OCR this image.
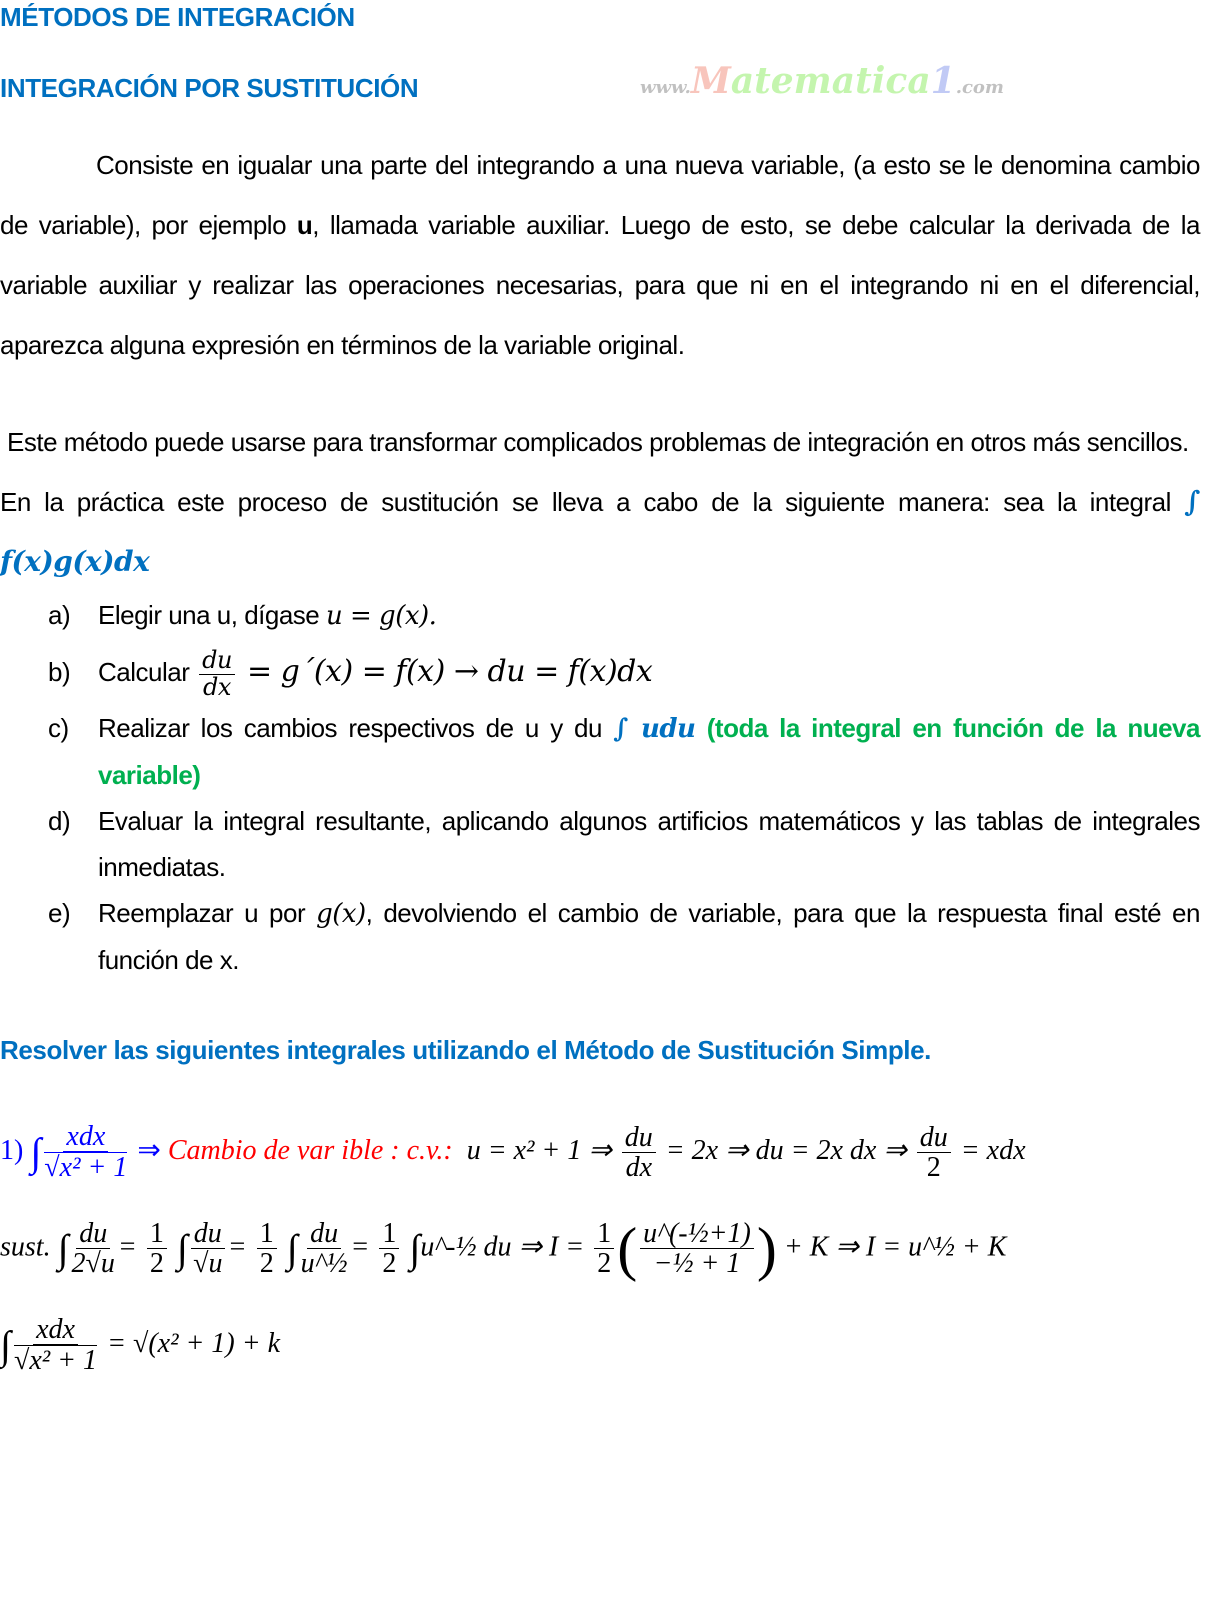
MÉTODOS DE INTEGRACIÓN
INTEGRACIÓN POR SUSTITUCIÓN
Consiste en igualar una parte del integrando a una nueva variable, (a esto se le denomina cambio de variable), por ejemplo u, llamada variable auxiliar. Luego de esto, se debe calcular la derivada de la variable auxiliar y realizar las operaciones necesarias, para que ni en el integrando ni en el diferencial, aparezca alguna expresión en términos de la variable original.
Este método puede usarse para transformar complicados problemas de integración en otros más sencillos.
En la práctica este proceso de sustitución se lleva a cabo de la siguiente manera: sea la integral ∫ f(x)g(x)dx
a) Elegir una u, dígase u = g(x).
b) Calcular $\frac{du}{dx}$ = g´(x) = f(x) → du = f(x)dx
c) Realizar los cambios respectivos de u y du ∫ udu (toda la integral en función de la nueva variable)
d) Evaluar la integral resultante, aplicando algunos artificios matemáticos y las tablas de integrales inmediatas.
e) Reemplazar u por g(x), devolviendo el cambio de variable, para que la respuesta final esté en función de x.
Resolver las siguientes integrales utilizando el Método de Sustitución Simple.
1) ∫ $\frac{\text{xdx}}{\text{√x² + 1}}$ ⇒ Cambio de var ible : c.v.: u = x² + 1 ⇒ $\frac{du}{dx} = 2x$ ⇒ du = 2x dx ⇒ $\frac{du}{2}$ = xdx
sust. ∫ $\frac{du}{2√u} = \frac{1}{2}$ ∫ $\frac{du}{√u} = \frac{1}{2}$ ∫ $\frac{du}{\text{u\textasciicircum{}½}} = \frac{1}{2}$ ∫u^-½ du ⇒ $I = \frac{1}{2}$ ( $\frac{\text{u\textasciicircum{}(-½+1)}}{\text{−½ + 1}}$ ) + K ⇒ I = u^½ + K
∫ $\frac{\text{xdx}}{\text{√x² + 1}} = √(x^2 + 1) + k$
www.Matematica1.com
